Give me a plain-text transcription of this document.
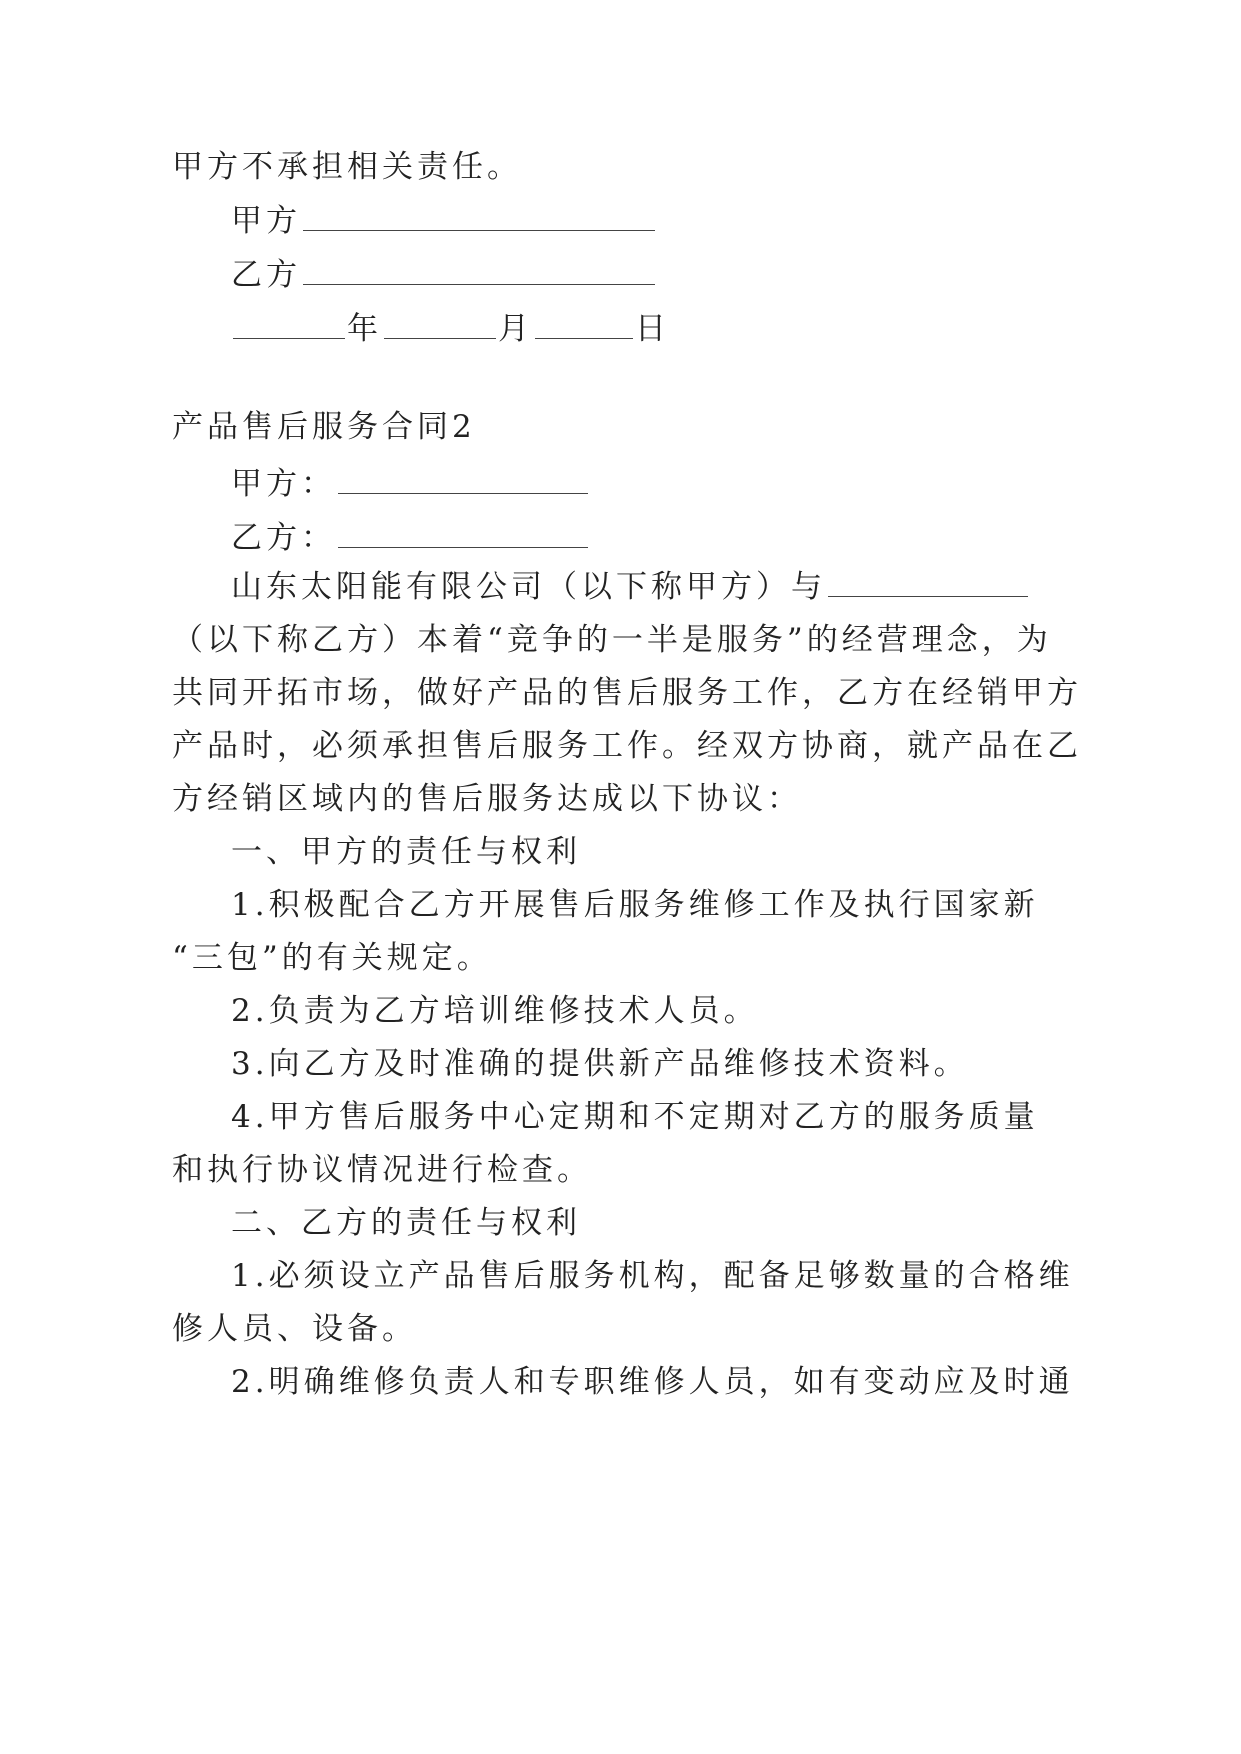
甲方不承担相关责任。
甲方
乙方
年	月	日
产品售后服务合同2
甲方：
乙方：
山东太阳能有限公司（以下称甲方）与
（以下称乙方）本着“竞争的一半是服务”的经营理念，为
共同开拓市场，做好产品的售后服务工作，乙方在经销甲方
产品时，必须承担售后服务工作。经双方协商，就产品在乙
方经销区域内的售后服务达成以下协议：
一、甲方的责任与权利
1.积极配合乙方开展售后服务维修工作及执行国家新
“三包”的有关规定。
2.负责为乙方培训维修技术人员。
3.向乙方及时准确的提供新产品维修技术资料。
4.甲方售后服务中心定期和不定期对乙方的服务质量
和执行协议情况进行检查。
二、乙方的责任与权利
1.必须设立产品售后服务机构，配备足够数量的合格维
修人员、设备。
2.明确维修负责人和专职维修人员，如有变动应及时通
